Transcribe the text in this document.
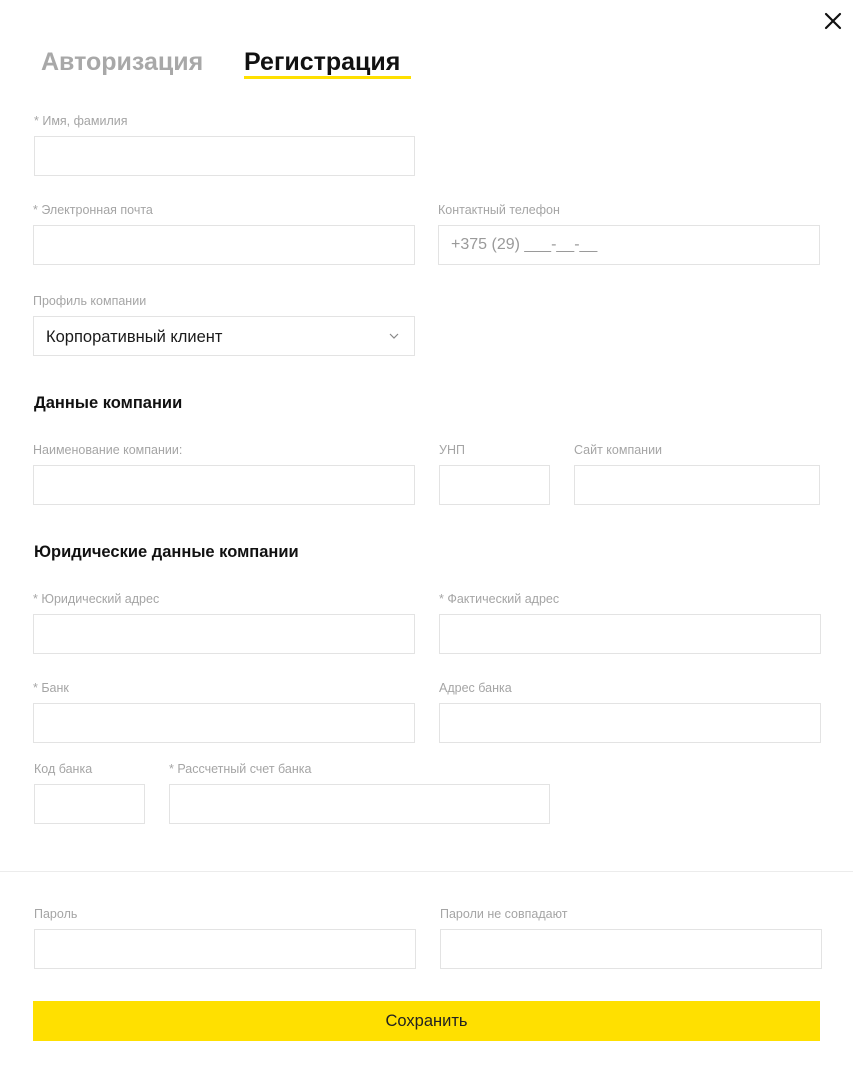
Авторизация Регистрация
* Имя, фамилия
* Электронная почта	Контактный телефон
+375 (29) ___-__-__
Профиль компании
Корпоративный клиент
Данные компании
Наименование компании:	УНП	Сайт компании
Юридические данные компании
* Юридический адрес	* Фактический адрес
* Банк	Адрес банка
Код банка	* Рассчетный счет банка
Пароль	Пароли не совпадают
Сохранить
